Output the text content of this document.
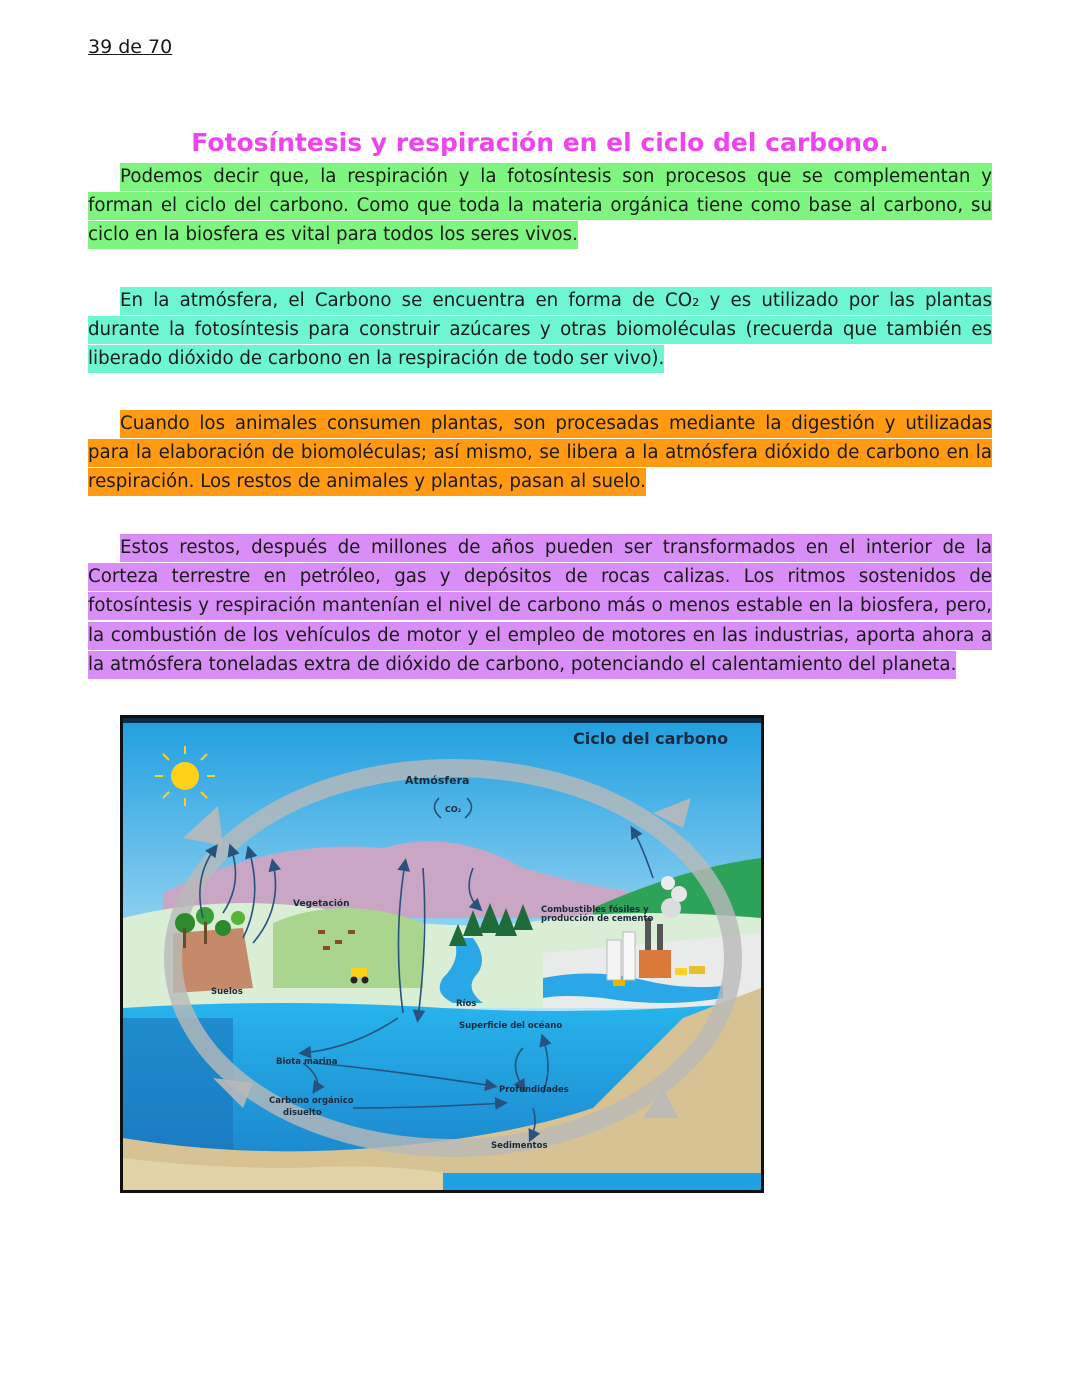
39 de 70
Fotosíntesis y respiración en el ciclo del carbono.

Podemos decir que, la respiración y la fotosíntesis son procesos que se complementan y forman el ciclo del carbono. Como que toda la materia orgánica tiene como base al carbono, su ciclo en la biosfera es vital para todos los seres vivos.

En la atmósfera, el Carbono se encuentra en forma de CO₂ y es utilizado por las plantas durante la fotosíntesis para construir azúcares y otras biomoléculas (recuerda que también es liberado dióxido de carbono en la respiración de todo ser vivo).

Cuando los animales consumen plantas, son procesadas mediante la digestión y utilizadas para la elaboración de biomoléculas; así mismo, se libera a la atmósfera dióxido de carbono en la respiración. Los restos de animales y plantas, pasan al suelo.

Estos restos, después de millones de años pueden ser transformados en el interior de la Corteza terrestre en petróleo, gas y depósitos de rocas calizas. Los ritmos sostenidos de fotosíntesis y respiración mantenían el nivel de carbono más o menos estable en la biosfera, pero, la combustión de los vehículos de motor y el empleo de motores en las industrias, aporta ahora a la atmósfera toneladas extra de dióxido de carbono, potenciando el calentamiento del planeta.

Ciclo del carbono
Atmósfera
CO₂
Vegetación
Combustibles fósiles y
producción de cemento
Suelos
Ríos
Superficie del océano
Biota marina
Carbono orgánico
disuelto
Profundidades
Sedimentos
